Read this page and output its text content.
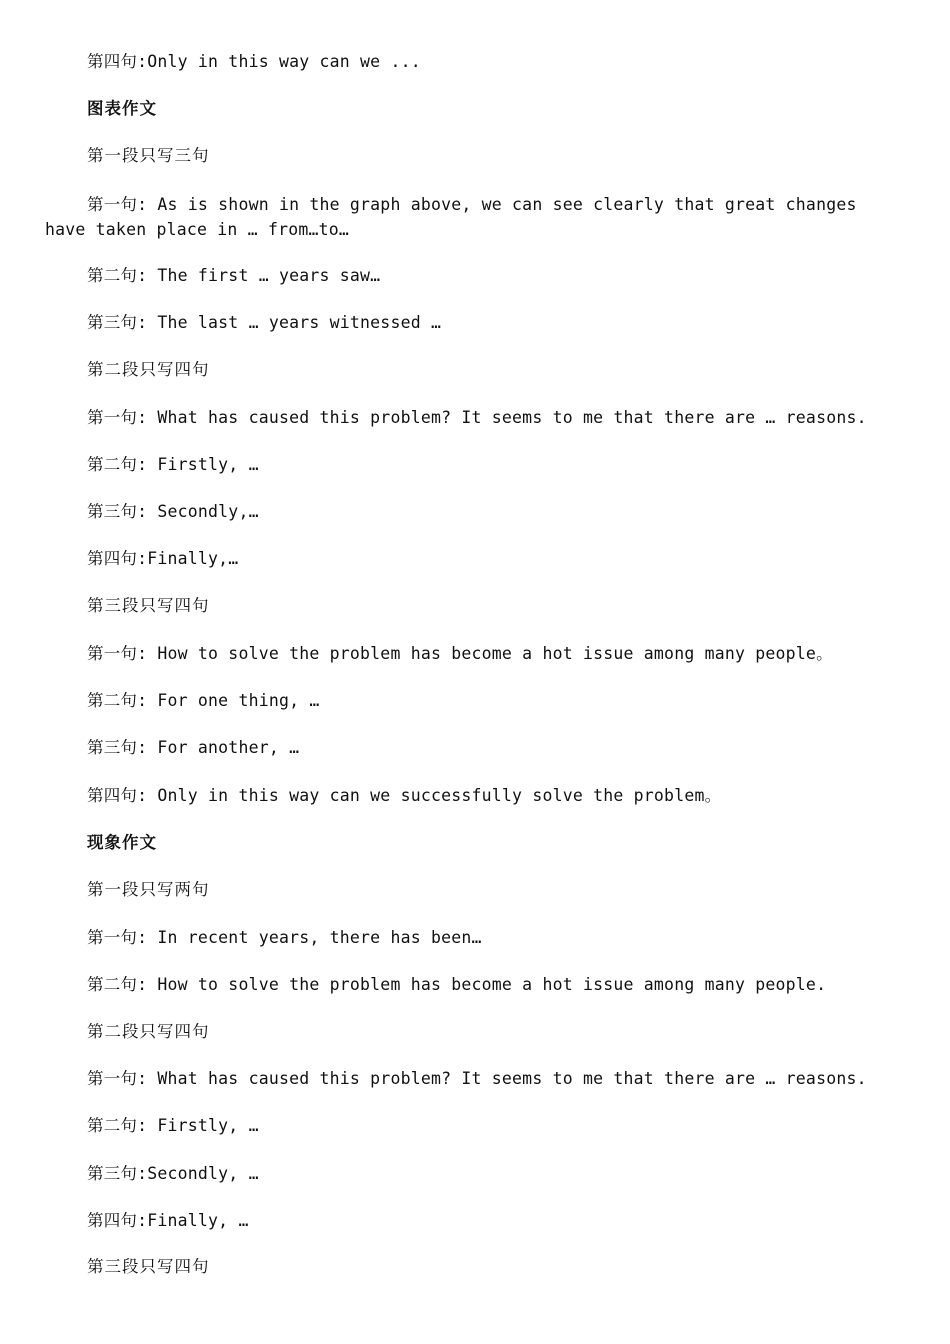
第四句:Only in this way can we ...
图表作文
第一段只写三句
第一句: As is shown in the graph above, we can see clearly that great changes have taken place in … from…to…
第二句: The first … years saw…
第三句: The last … years witnessed …
第二段只写四句
第一句: What has caused this problem? It seems to me that there are … reasons.
第二句: Firstly, …
第三句: Secondly,…
第四句:Finally,…
第三段只写四句
第一句: How to solve the problem has become a hot issue among many people。
第二句: For one thing, …
第三句: For another, …
第四句: Only in this way can we successfully solve the problem。
现象作文
第一段只写两句
第一句: In recent years, there has been…
第二句: How to solve the problem has become a hot issue among many people.
第二段只写四句
第一句: What has caused this problem? It seems to me that there are … reasons.
第二句: Firstly, …
第三句:Secondly, …
第四句:Finally, …
第三段只写四句
